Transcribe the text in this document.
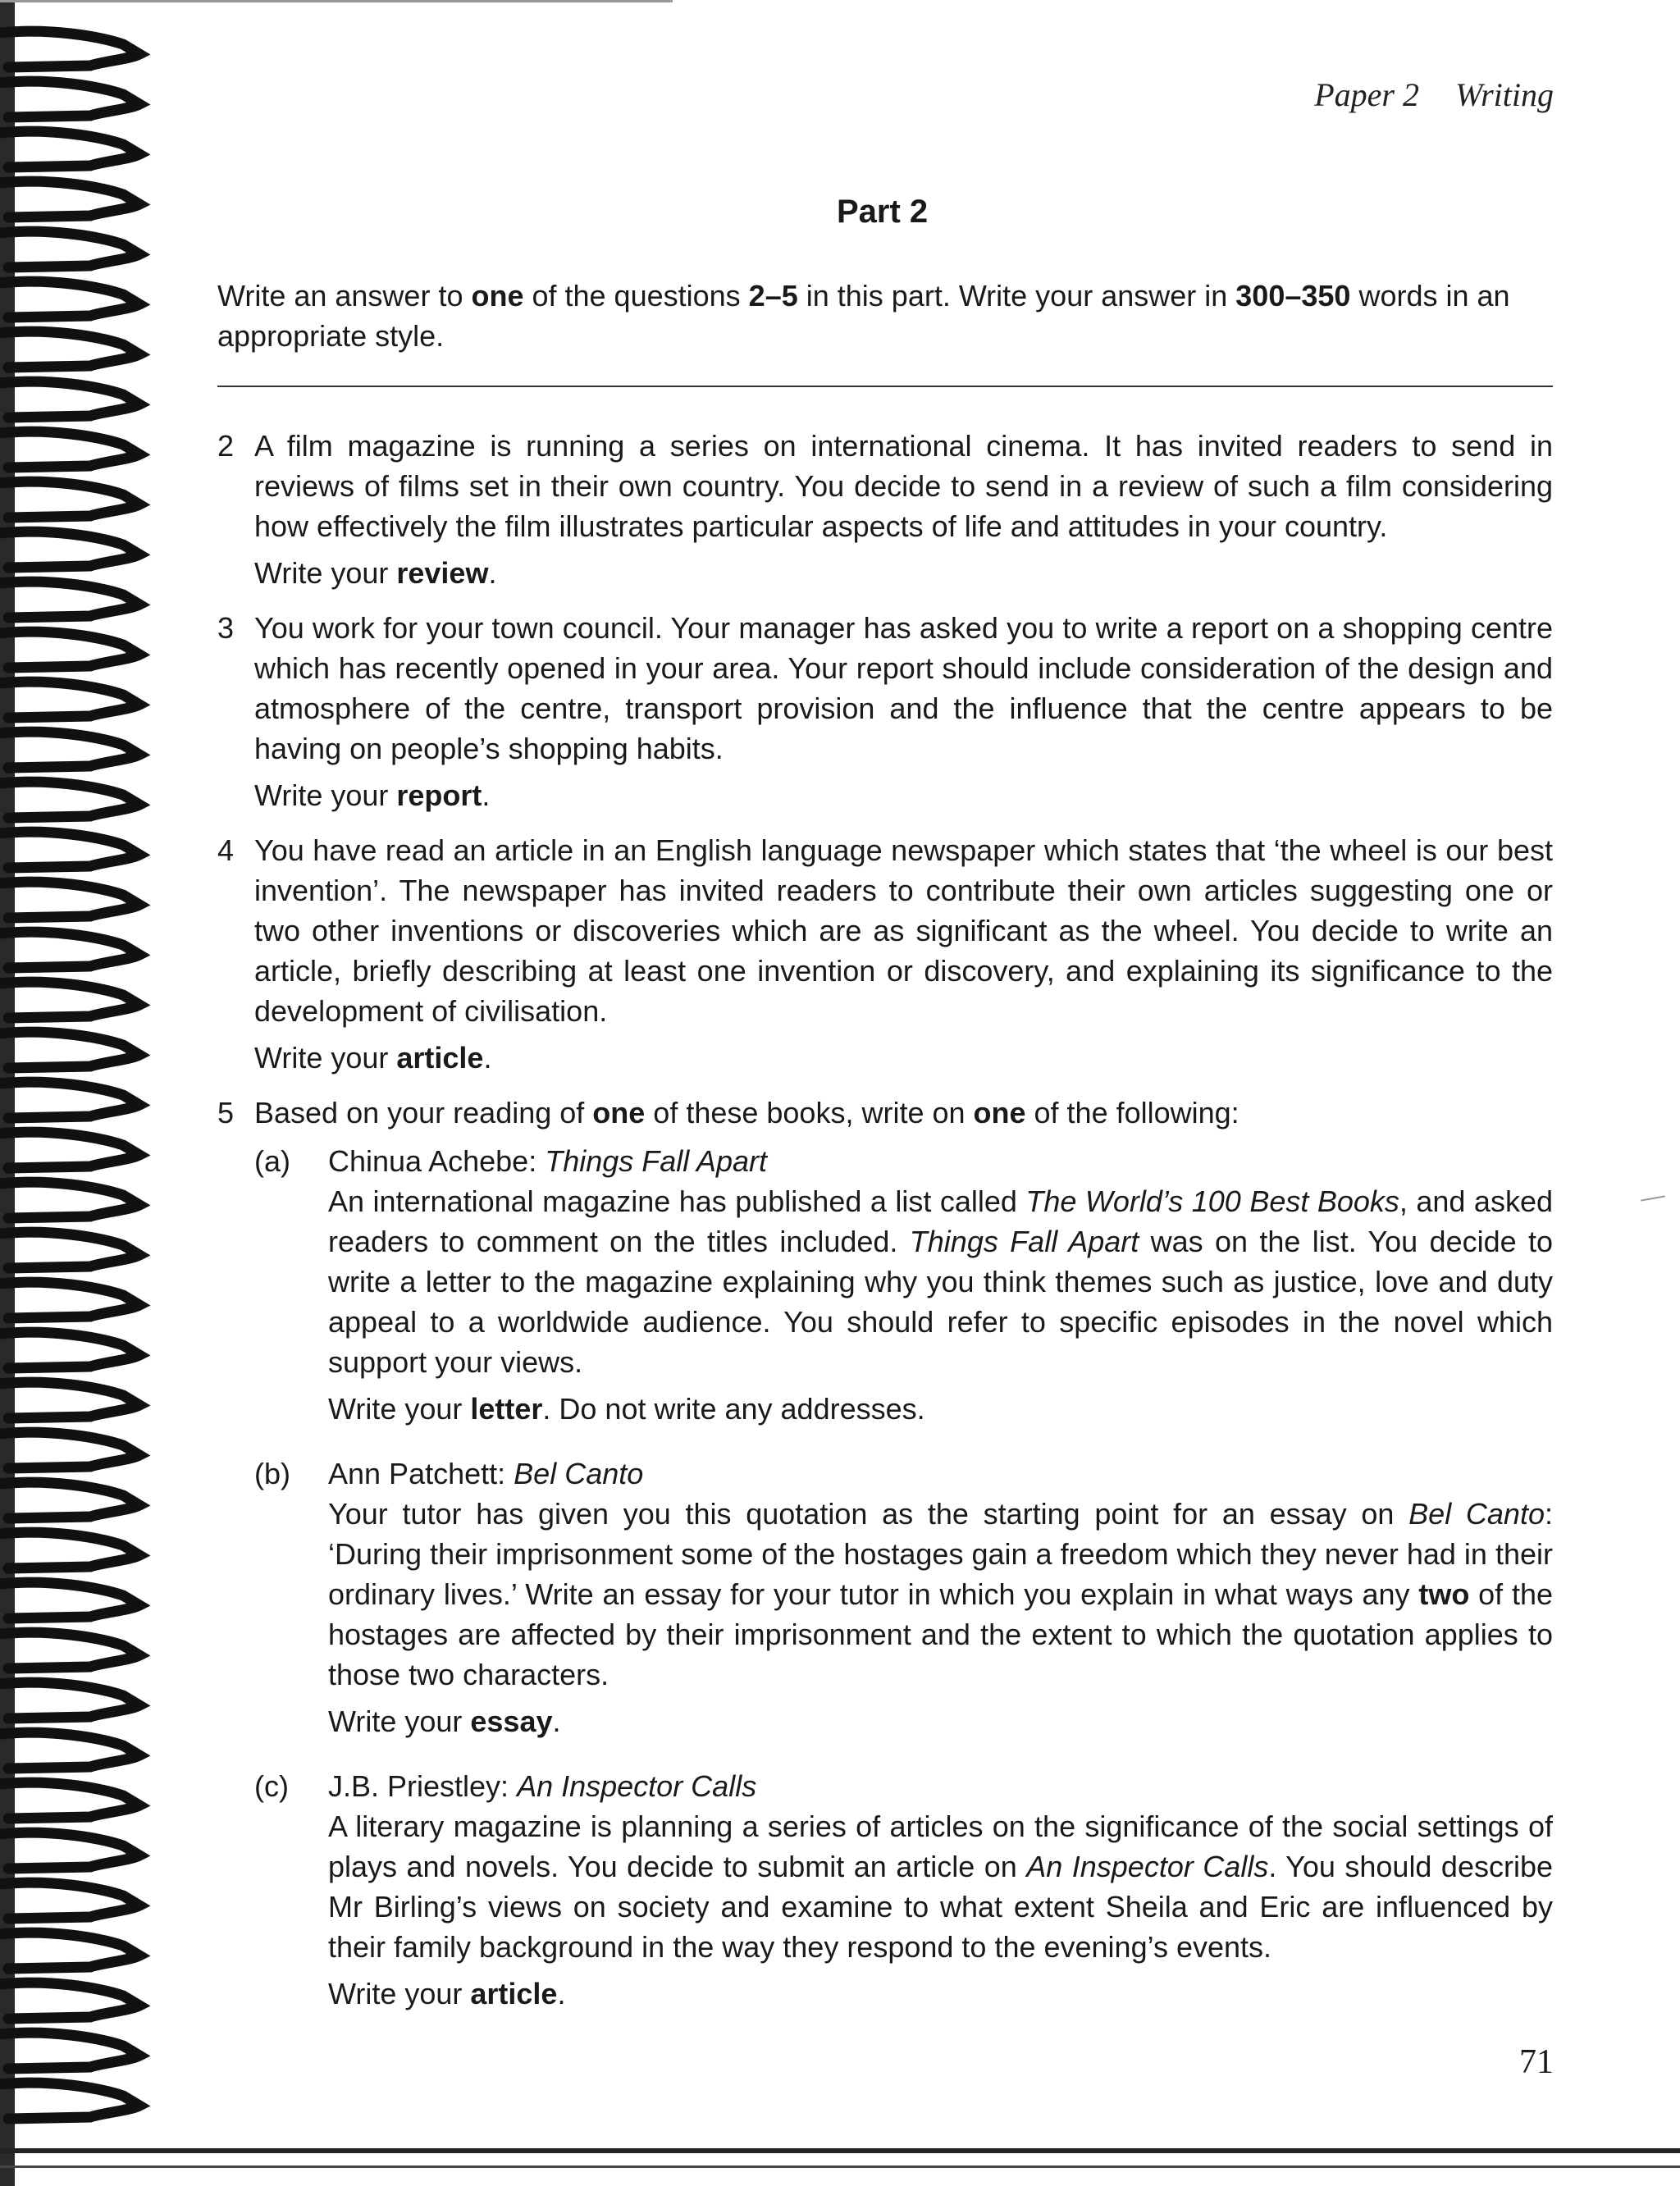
Paper 2 Writing
Part 2
Write an answer to one of the questions 2–5 in this part. Write your answer in 300–350 words in an appropriate style.
2 A film magazine is running a series on international cinema. It has invited readers to send in reviews of films set in their own country. You decide to send in a review of such a film considering how effectively the film illustrates particular aspects of life and attitudes in your country.

Write your review.

3 You work for your town council. Your manager has asked you to write a report on a shopping centre which has recently opened in your area. Your report should include consideration of the design and atmosphere of the centre, transport provision and the influence that the centre appears to be having on people’s shopping habits.

Write your report.

4 You have read an article in an English language newspaper which states that ‘the wheel is our best invention’. The newspaper has invited readers to contribute their own articles suggesting one or two other inventions or discoveries which are as significant as the wheel. You decide to write an article, briefly describing at least one invention or discovery, and explaining its significance to the development of civilisation.

Write your article.

5 Based on your reading of one of these books, write on one of the following:

(a) Chinua Achebe: Things Fall Apart

An international magazine has published a list called The World’s 100 Best Books, and asked readers to comment on the titles included. Things Fall Apart was on the list. You decide to write a letter to the magazine explaining why you think themes such as justice, love and duty appeal to a worldwide audience. You should refer to specific episodes in the novel which support your views.

Write your letter. Do not write any addresses.

(b) Ann Patchett: Bel Canto

Your tutor has given you this quotation as the starting point for an essay on Bel Canto: ‘During their imprisonment some of the hostages gain a freedom which they never had in their ordinary lives.’ Write an essay for your tutor in which you explain in what ways any two of the hostages are affected by their imprisonment and the extent to which the quotation applies to those two characters.

Write your essay.

(c) J.B. Priestley: An Inspector Calls

A literary magazine is planning a series of articles on the significance of the social settings of plays and novels. You decide to submit an article on An Inspector Calls. You should describe Mr Birling’s views on society and examine to what extent Sheila and Eric are influenced by their family background in the way they respond to the evening’s events.

Write your article.

71
